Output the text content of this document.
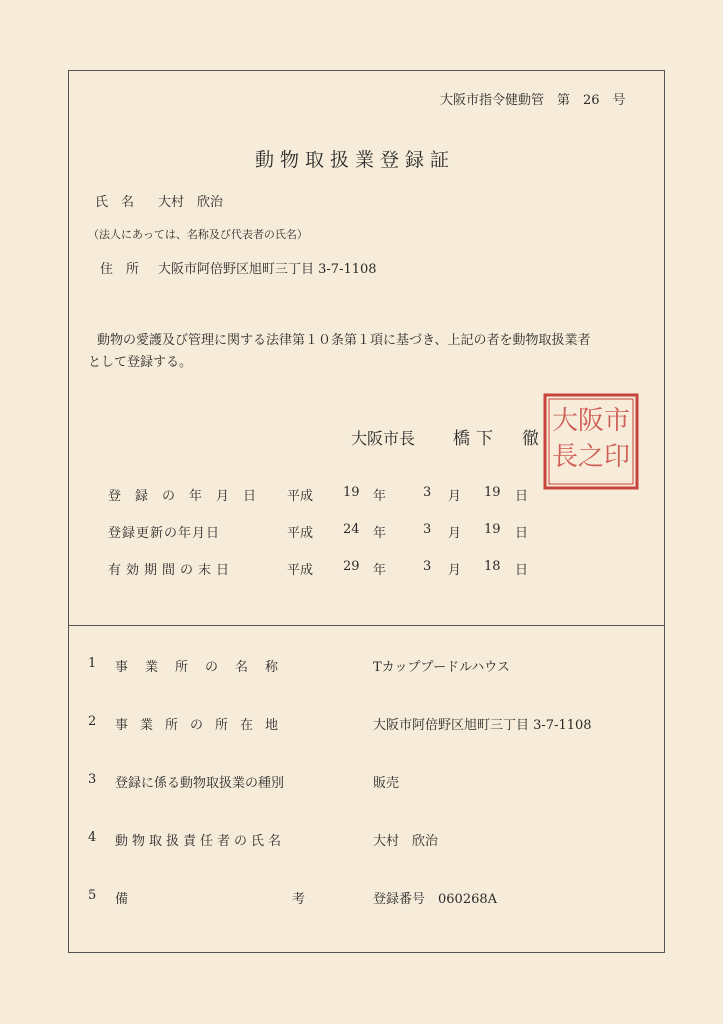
大阪市指令健動管　第　26　号
動物取扱業登録証
氏　名 大村　欣治
（法人にあっては、名称及び代表者の氏名）
住　所 大阪市阿倍野区旭町三丁目 3-7-1108
動物の愛護及び管理に関する法律第１０条第１項に基づき、上記の者を動物取扱業者
として登録する。
大阪市長 橋下　徹
大阪市
長之印
登録の年月日 平成 19 年	3 月 19 日
登録更新の年月日	平成 24 年	3 月 19 日
有効期間の末日	平成 29 年	3 月 18 日
1 事業所の名称	Tカッププードルハウス
2 事業所の所在地	大阪市阿倍野区旭町三丁目 3-7-1108
3 登録に係る動物取扱業の種別	販売
4 動物取扱責任者の氏名	大村　欣治
5 備	考	登録番号　060268A
